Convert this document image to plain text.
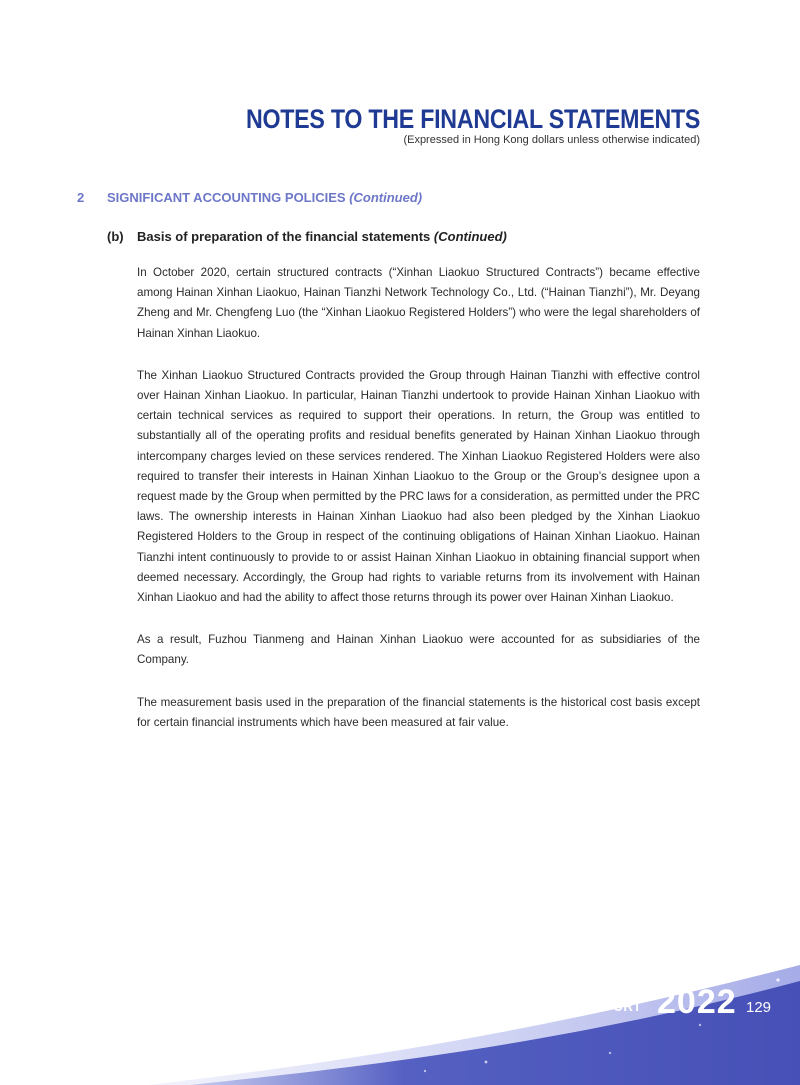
NOTES TO THE FINANCIAL STATEMENTS
(Expressed in Hong Kong dollars unless otherwise indicated)
2 SIGNIFICANT ACCOUNTING POLICIES (Continued)
(b) Basis of preparation of the financial statements (Continued)

In October 2020, certain structured contracts (“Xinhan Liaokuo Structured Contracts”) became effective among Hainan Xinhan Liaokuo, Hainan Tianzhi Network Technology Co., Ltd. (“Hainan Tianzhi”), Mr. Deyang Zheng and Mr. Chengfeng Luo (the “Xinhan Liaokuo Registered Holders”) who were the legal shareholders of Hainan Xinhan Liaokuo.

The Xinhan Liaokuo Structured Contracts provided the Group through Hainan Tianzhi with effective control over Hainan Xinhan Liaokuo. In particular, Hainan Tianzhi undertook to provide Hainan Xinhan Liaokuo with certain technical services as required to support their operations. In return, the Group was entitled to substantially all of the operating profits and residual benefits generated by Hainan Xinhan Liaokuo through intercompany charges levied on these services rendered. The Xinhan Liaokuo Registered Holders were also required to transfer their interests in Hainan Xinhan Liaokuo to the Group or the Group’s designee upon a request made by the Group when permitted by the PRC laws for a consideration, as permitted under the PRC laws. The ownership interests in Hainan Xinhan Liaokuo had also been pledged by the Xinhan Liaokuo Registered Holders to the Group in respect of the continuing obligations of Hainan Xinhan Liaokuo. Hainan Tianzhi intent continuously to provide to or assist Hainan Xinhan Liaokuo in obtaining financial support when deemed necessary. Accordingly, the Group had rights to variable returns from its involvement with Hainan Xinhan Liaokuo and had the ability to affect those returns through its power over Hainan Xinhan Liaokuo.

As a result, Fuzhou Tianmeng and Hainan Xinhan Liaokuo were accounted for as subsidiaries of the Company.

The measurement basis used in the preparation of the financial statements is the historical cost basis except for certain financial instruments which have been measured at fair value.

ANNUAL REPORT 2022 129
